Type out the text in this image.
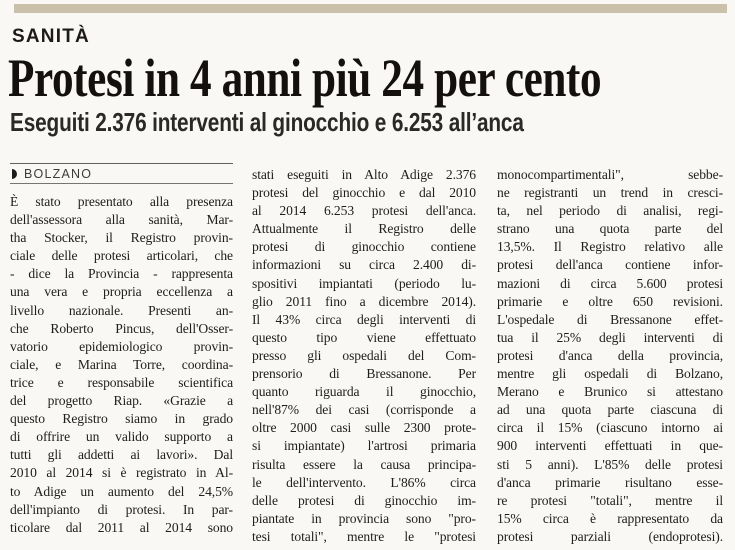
SANITÀ
Protesi in 4 anni più 24 per cento
Eseguiti 2.376 interventi al ginocchio e 6.253 all’anca
BOLZANO
È stato presentato alla presenza
dell'assessora alla sanità, Mar-
tha Stocker, il Registro provin-
ciale delle protesi articolari, che
- dice la Provincia - rappresenta
una vera e propria eccellenza a
livello nazionale. Presenti an-
che Roberto Pincus, dell'Osser-
vatorio epidemiologico provin-
ciale, e Marina Torre, coordina-
trice e responsabile scientifica
del progetto Riap. «Grazie a
questo Registro siamo in grado
di offrire un valido supporto a
tutti gli addetti ai lavori». Dal
2010 al 2014 si è registrato in Al-
to Adige un aumento del 24,5%
dell'impianto di protesi. In par-
ticolare dal 2011 al 2014 sono
stati eseguiti in Alto Adige 2.376
protesi del ginocchio e dal 2010
al 2014 6.253 protesi dell'anca.
Attualmente il Registro delle
protesi di ginocchio contiene
informazioni su circa 2.400 di-
spositivi impiantati (periodo lu-
glio 2011 fino a dicembre 2014).
Il 43% circa degli interventi di
questo tipo viene effettuato
presso gli ospedali del Com-
prensorio di Bressanone. Per
quanto riguarda il ginocchio,
nell'87% dei casi (corrisponde a
oltre 2000 casi sulle 2300 prote-
si impiantate) l'artrosi primaria
risulta essere la causa principa-
le dell'intervento. L'86% circa
delle protesi di ginocchio im-
piantate in provincia sono "pro-
tesi totali", mentre le "protesi
monocompartimentali", sebbe-
ne registranti un trend in cresci-
ta, nel periodo di analisi, regi-
strano una quota parte del
13,5%. Il Registro relativo alle
protesi dell'anca contiene infor-
mazioni di circa 5.600 protesi
primarie e oltre 650 revisioni.
L'ospedale di Bressanone effet-
tua il 25% degli interventi di
protesi d'anca della provincia,
mentre gli ospedali di Bolzano,
Merano e Brunico si attestano
ad una quota parte ciascuna di
circa il 15% (ciascuno intorno ai
900 interventi effettuati in que-
sti 5 anni). L'85% delle protesi
d'anca primarie risultano esse-
re protesi "totali", mentre il
15% circa è rappresentato da
protesi parziali (endoprotesi).
